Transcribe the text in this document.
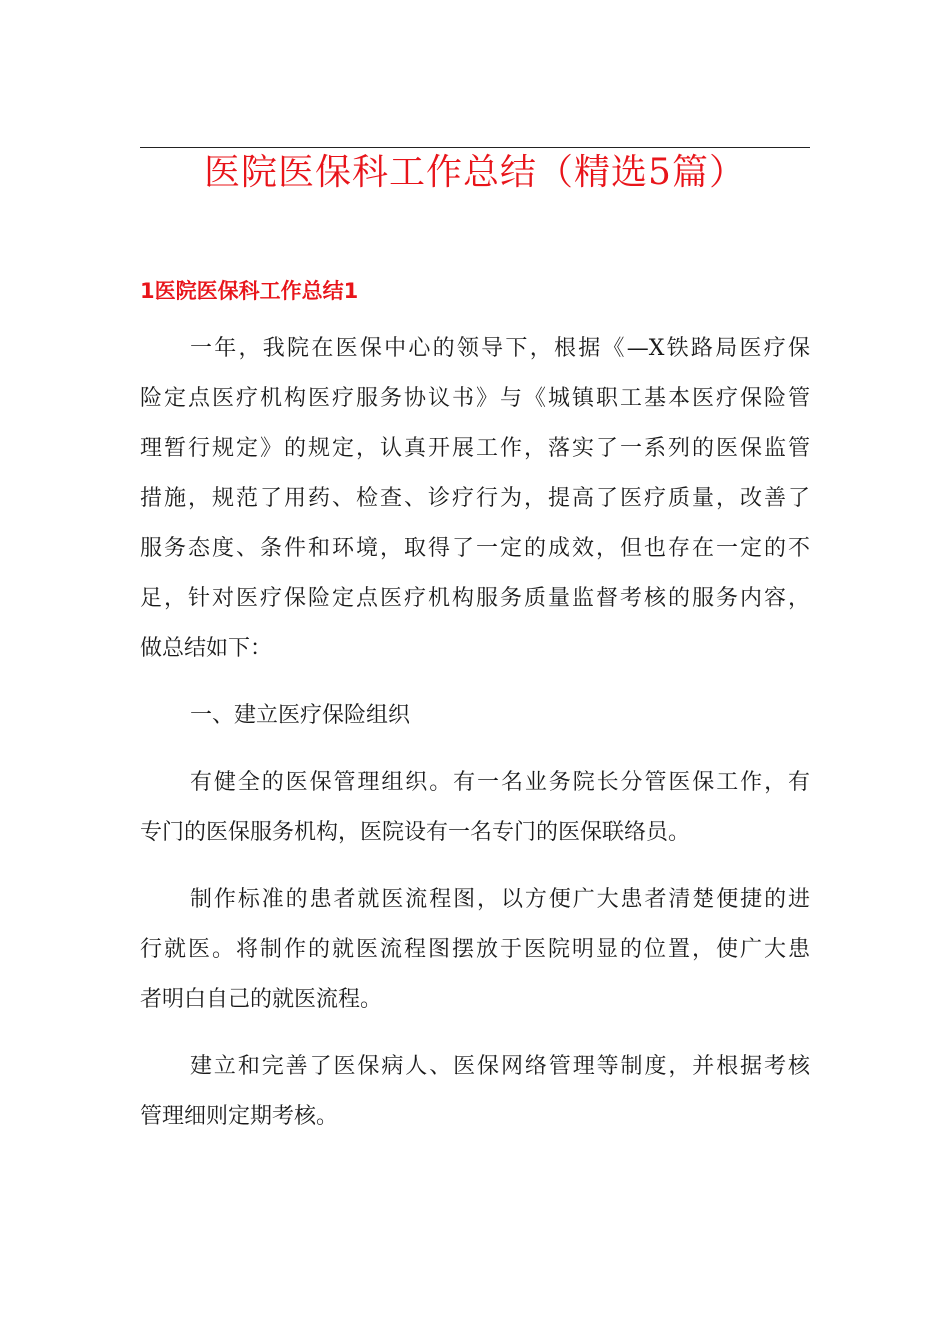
医院医保科工作总结（精选5篇）
1医院医保科工作总结1
一年，我院在医保中心的领导下，根据《—X铁路局医疗保
险定点医疗机构医疗服务协议书》与《城镇职工基本医疗保险管
理暂行规定》的规定，认真开展工作，落实了一系列的医保监管
措施，规范了用药、检查、诊疗行为，提高了医疗质量，改善了
服务态度、条件和环境，取得了一定的成效，但也存在一定的不
足，针对医疗保险定点医疗机构服务质量监督考核的服务内容，
做总结如下：
一、建立医疗保险组织
有健全的医保管理组织。有一名业务院长分管医保工作，有
专门的医保服务机构，医院设有一名专门的医保联络员。
制作标准的患者就医流程图，以方便广大患者清楚便捷的进
行就医。将制作的就医流程图摆放于医院明显的位置，使广大患
者明白自己的就医流程。
建立和完善了医保病人、医保网络管理等制度，并根据考核
管理细则定期考核。
